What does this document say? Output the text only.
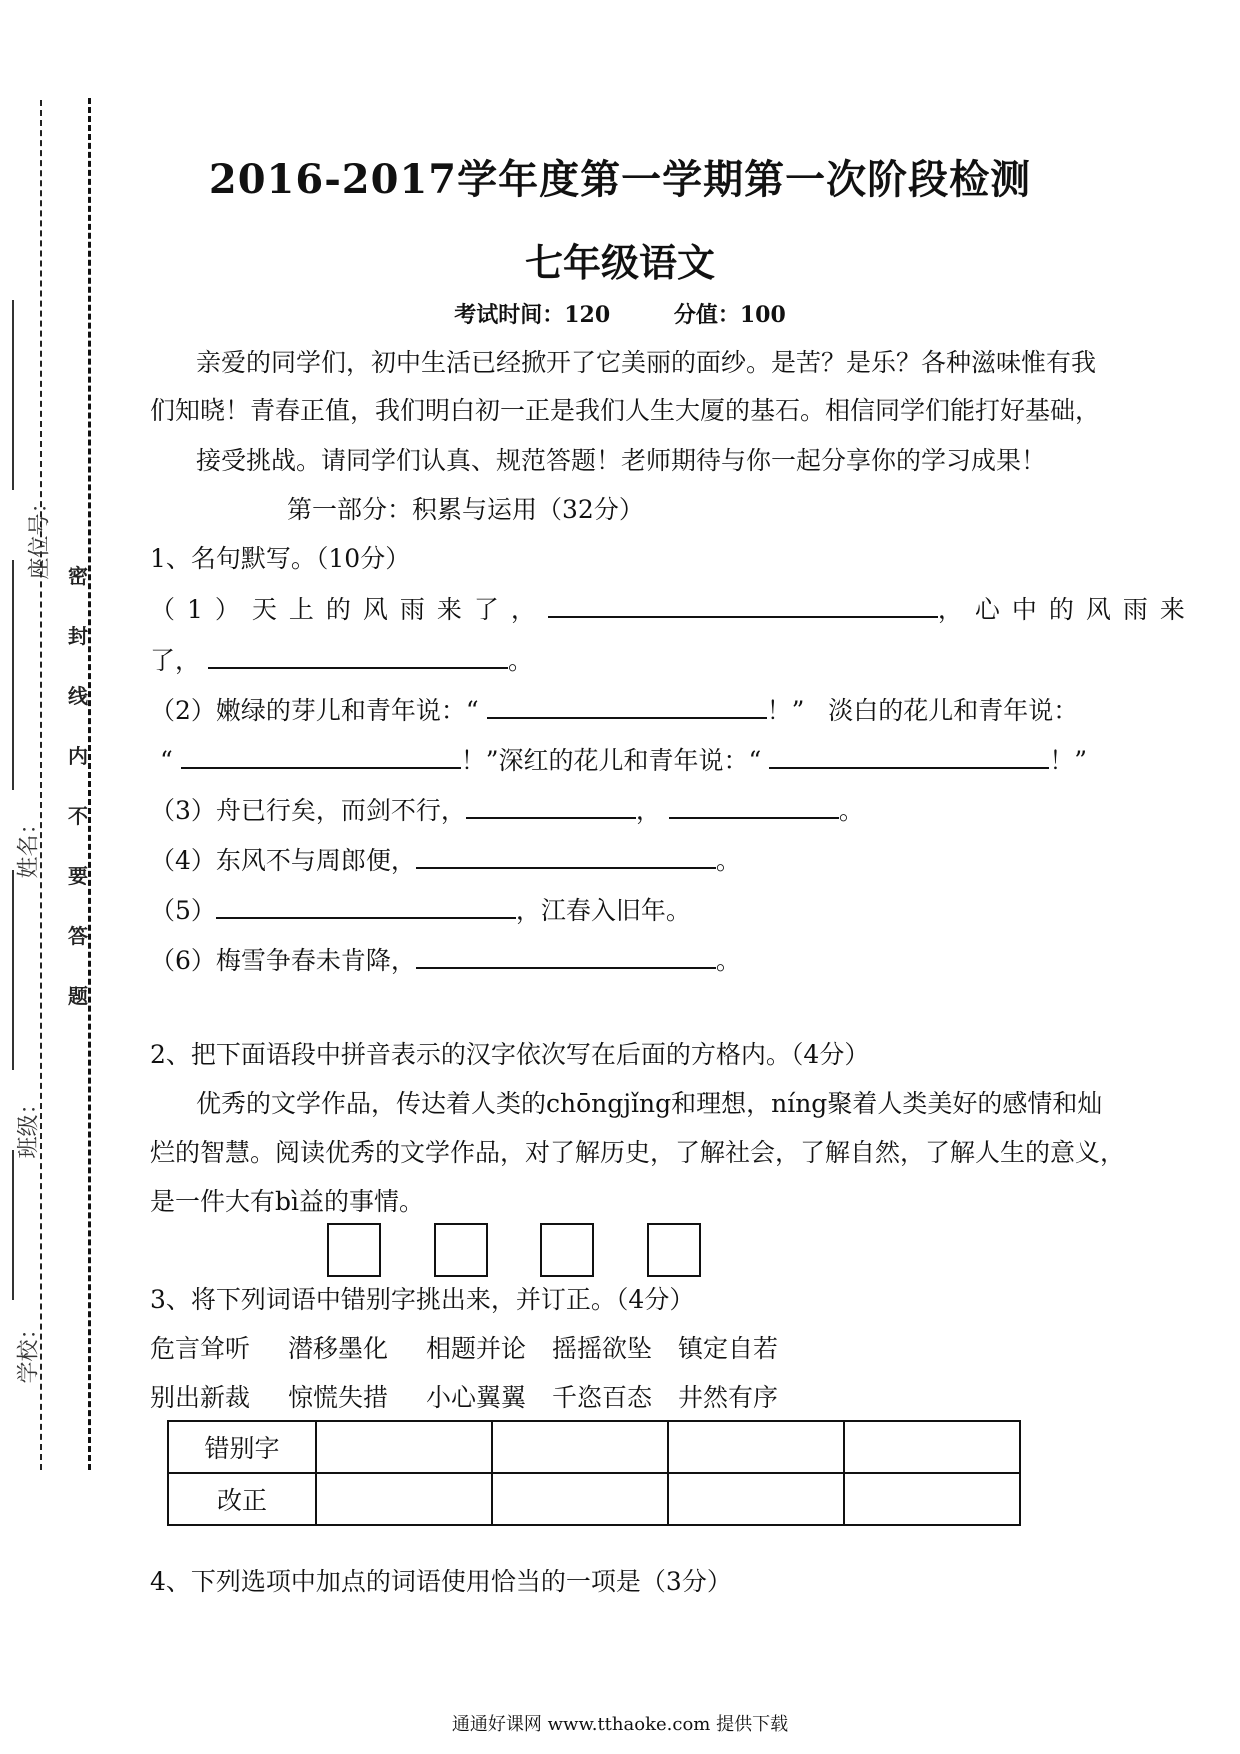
座位号：
姓名：
班级：
学校：
密
封
线
内
不
要
答
题
2016-2017学年度第一学期第一次阶段检测
七年级语文
考试时间：120	分值：100
亲爱的同学们，初中生活已经掀开了它美丽的面纱。是苦？是乐？各种滋味惟有我
们知晓！青春正值，我们明白初一正是我们人生大厦的基石。相信同学们能打好基础，
接受挑战。请同学们认真、规范答题！老师期待与你一起分享你的学习成果！
第一部分：积累与运用（32分）
1、名句默写。（10分）
（1）天上的风雨来了，	，心中的风雨来
了，	。
（2）嫩绿的芽儿和青年说：“	！” 淡白的花儿和青年说：
“	！”深红的花儿和青年说：“	！”
（3）舟已行矣，而剑不行，	，	。
（4）东风不与周郎便，	。
（5）	，江春入旧年。
（6）梅雪争春未肯降，	。
2、把下面语段中拼音表示的汉字依次写在后面的方格内。（4分）
优秀的文学作品，传达着人类的chōngjǐng和理想，níng聚着人类美好的感情和灿
烂的智慧。阅读优秀的文学作品，对了解历史，了解社会，了解自然，了解人生的意义，
是一件大有bì益的事情。
3、将下列词语中错别字挑出来，并订正。（4分）
危言耸听 潜移墨化 相题并论 摇摇欲坠 镇定自若
别出新裁 惊慌失措 小心翼翼 千恣百态 井然有序
错别字				
改正				
4、下列选项中加点的词语使用恰当的一项是（3分）
通通好课网 www.tthaoke.com 提供下载
